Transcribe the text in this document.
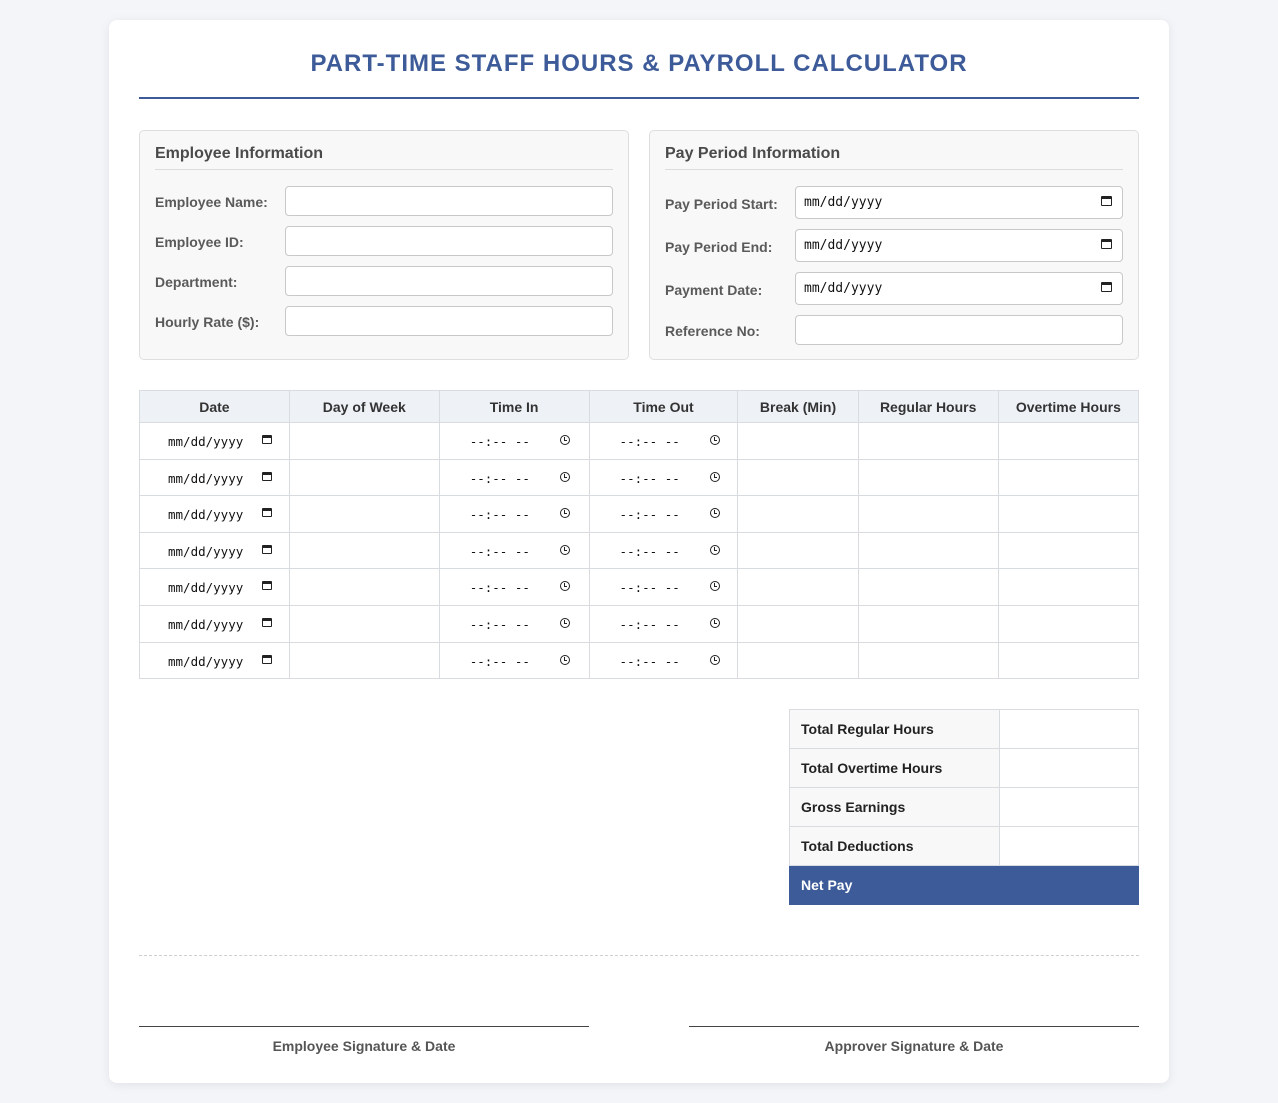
PART-TIME STAFF HOURS & PAYROLL CALCULATOR
Employee Information
Employee Name:
Employee ID:
Department:
Hourly Rate ($):
Pay Period Information
Pay Period Start:	mm/dd/yyyy
Pay Period End:	mm/dd/yyyy
Payment Date:	mm/dd/yyyy
Reference No:
Date	Day of Week	Time In	Time Out	Break (Min)	Regular Hours	Overtime Hours

mm/dd/yyyy		--:-- --	--:-- --			

mm/dd/yyyy		--:-- --	--:-- --			

mm/dd/yyyy		--:-- --	--:-- --			

mm/dd/yyyy		--:-- --	--:-- --			

mm/dd/yyyy		--:-- --	--:-- --			

mm/dd/yyyy		--:-- --	--:-- --			

mm/dd/yyyy		--:-- --	--:-- --			

Total Regular Hours	
Total Overtime Hours	
Gross Earnings	
Total Deductions	
Net Pay	
Employee Signature & Date	Approver Signature & Date
